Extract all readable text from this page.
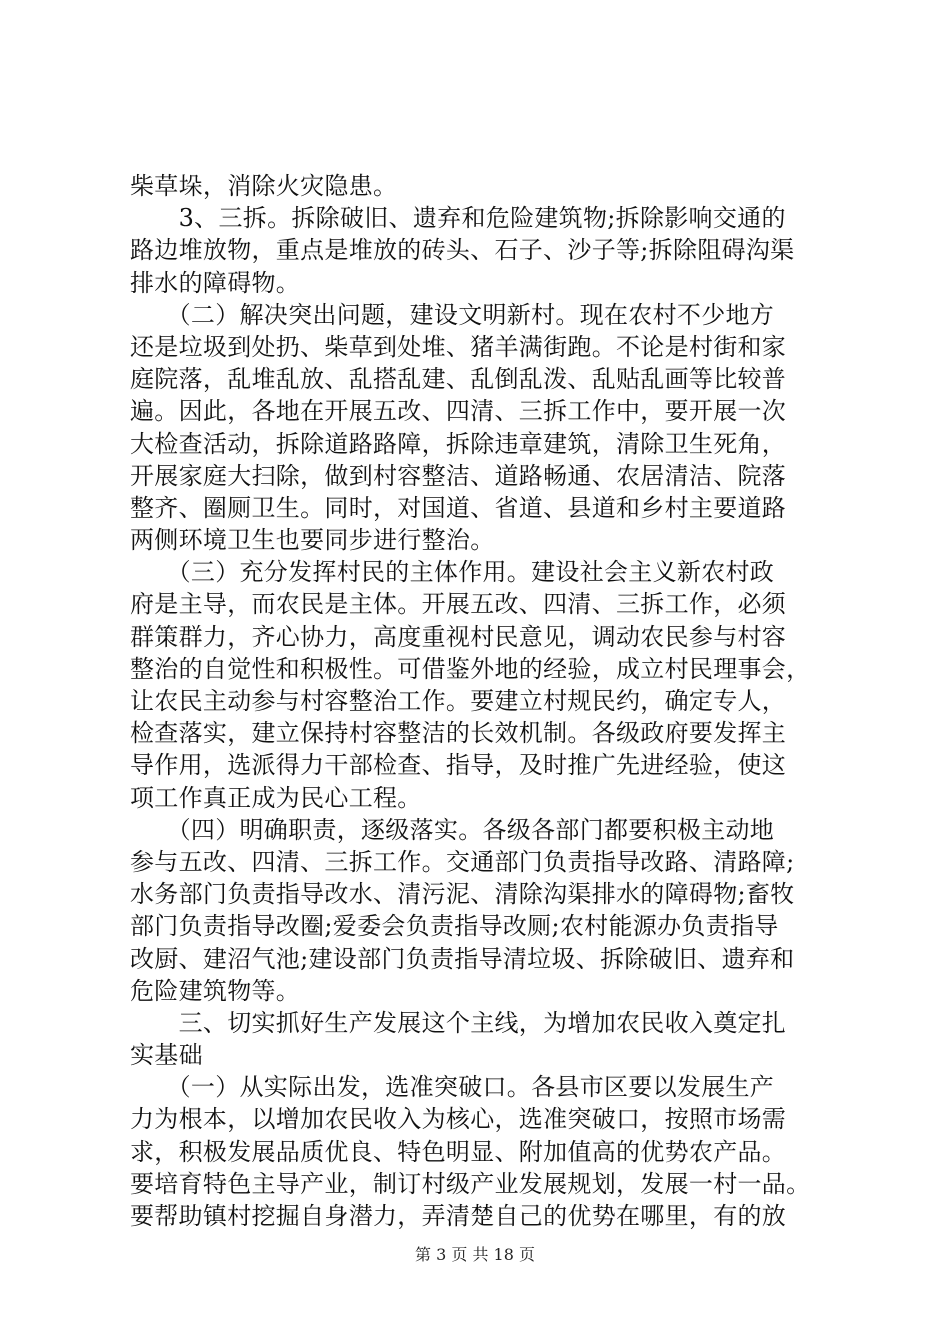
柴草垛，消除火灾隐患。
　　3、三拆。拆除破旧、遗弃和危险建筑物;拆除影响交通的
路边堆放物，重点是堆放的砖头、石子、沙子等;拆除阻碍沟渠
排水的障碍物。
　　（二）解决突出问题，建设文明新村。现在农村不少地方
还是垃圾到处扔、柴草到处堆、猪羊满街跑。不论是村街和家
庭院落，乱堆乱放、乱搭乱建、乱倒乱泼、乱贴乱画等比较普
遍。因此，各地在开展五改、四清、三拆工作中，要开展一次
大检查活动，拆除道路路障，拆除违章建筑，清除卫生死角，
开展家庭大扫除，做到村容整洁、道路畅通、农居清洁、院落
整齐、圈厕卫生。同时，对国道、省道、县道和乡村主要道路
两侧环境卫生也要同步进行整治。
　　（三）充分发挥村民的主体作用。建设社会主义新农村政
府是主导，而农民是主体。开展五改、四清、三拆工作，必须
群策群力，齐心协力，高度重视村民意见，调动农民参与村容
整治的自觉性和积极性。可借鉴外地的经验，成立村民理事会，
让农民主动参与村容整治工作。要建立村规民约，确定专人，
检查落实，建立保持村容整洁的长效机制。各级政府要发挥主
导作用，选派得力干部检查、指导，及时推广先进经验，使这
项工作真正成为民心工程。
　　（四）明确职责，逐级落实。各级各部门都要积极主动地
参与五改、四清、三拆工作。交通部门负责指导改路、清路障;
水务部门负责指导改水、清污泥、清除沟渠排水的障碍物;畜牧
部门负责指导改圈;爱委会负责指导改厕;农村能源办负责指导
改厨、建沼气池;建设部门负责指导清垃圾、拆除破旧、遗弃和
危险建筑物等。
　　三、切实抓好生产发展这个主线，为增加农民收入奠定扎
实基础
　　（一）从实际出发，选准突破口。各县市区要以发展生产
力为根本，以增加农民收入为核心，选准突破口，按照市场需
求，积极发展品质优良、特色明显、附加值高的优势农产品。
要培育特色主导产业，制订村级产业发展规划，发展一村一品。
要帮助镇村挖掘自身潜力，弄清楚自己的优势在哪里，有的放
第 3 页 共 18 页
